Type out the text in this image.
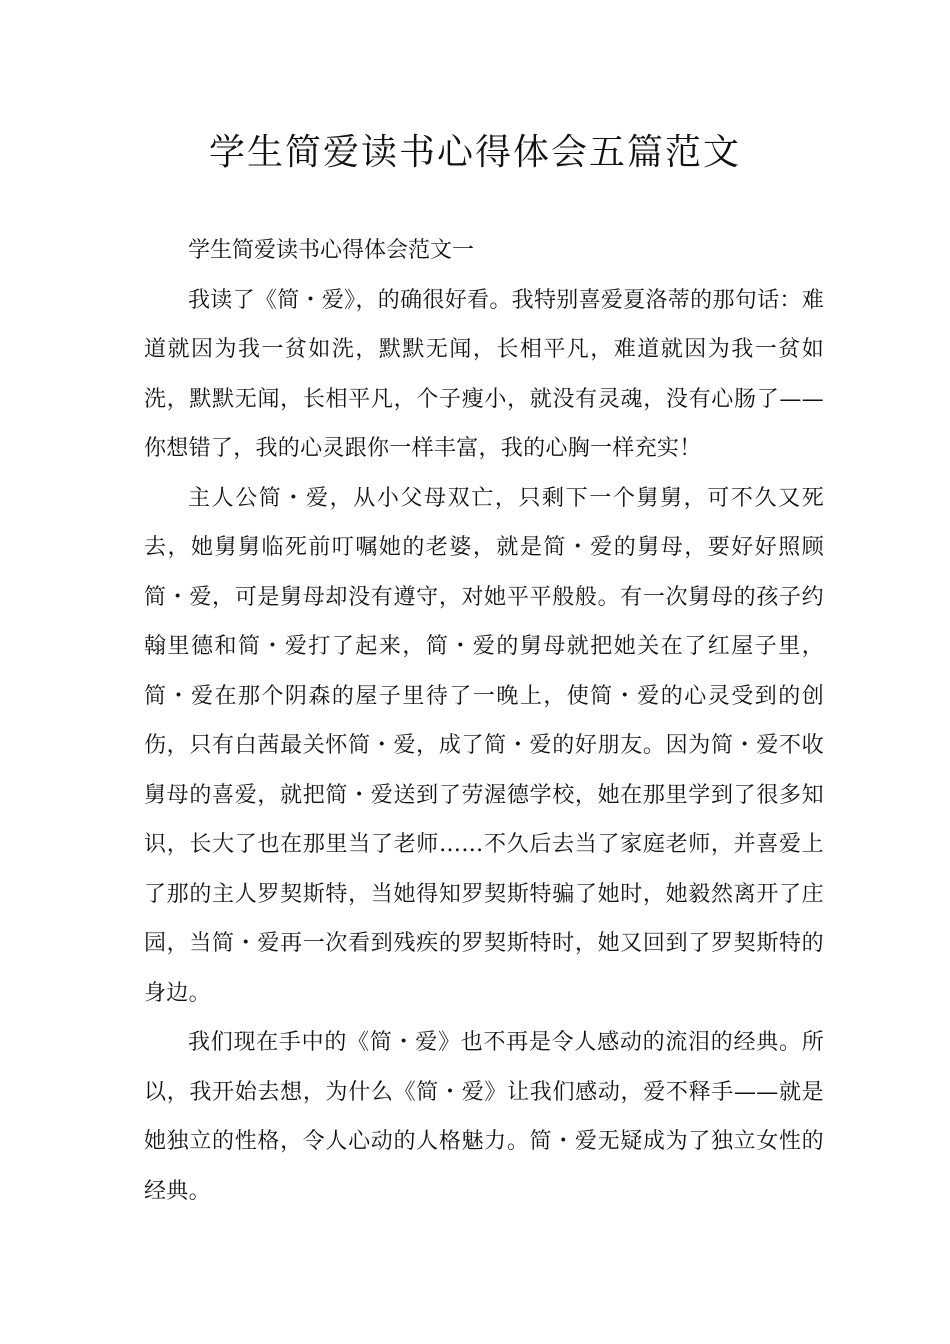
学生简爱读书心得体会五篇范文

学生简爱读书心得体会范文一

我读了《简・爱》，的确很好看。我特别喜爱夏洛蒂的那句话：难道就因为我一贫如洗，默默无闻，长相平凡，难道就因为我一贫如洗，默默无闻，长相平凡，个子瘦小，就没有灵魂，没有心肠了——你想错了，我的心灵跟你一样丰富，我的心胸一样充实！

主人公简・爱，从小父母双亡，只剩下一个舅舅，可不久又死去，她舅舅临死前叮嘱她的老婆，就是简・爱的舅母，要好好照顾简・爱，可是舅母却没有遵守，对她平平般般。有一次舅母的孩子约翰里德和简・爱打了起来，简・爱的舅母就把她关在了红屋子里，简・爱在那个阴森的屋子里待了一晚上，使简・爱的心灵受到的创伤，只有白茜最关怀简・爱，成了简・爱的好朋友。因为简・爱不收舅母的喜爱，就把简・爱送到了劳渥德学校，她在那里学到了很多知识，长大了也在那里当了老师……不久后去当了家庭老师，并喜爱上了那的主人罗契斯特，当她得知罗契斯特骗了她时，她毅然离开了庄园，当简・爱再一次看到残疾的罗契斯特时，她又回到了罗契斯特的身边。

我们现在手中的《简・爱》也不再是令人感动的流泪的经典。所以，我开始去想，为什么《简・爱》让我们感动，爱不释手——就是她独立的性格，令人心动的人格魅力。简・爱无疑成为了独立女性的经典。
